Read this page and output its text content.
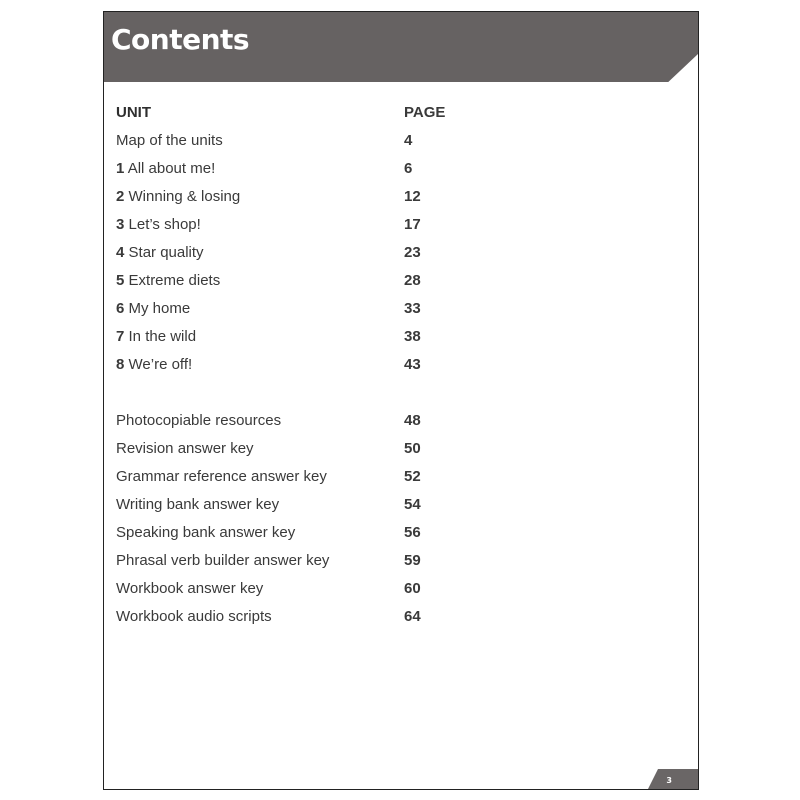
Contents
UNIT	PAGE
Map of the units	4
1 All about me!	6
2 Winning & losing	12
3 Let’s shop!	17
4 Star quality	23
5 Extreme diets	28
6 My home	33
7 In the wild	38
8 We’re off!	43
Photocopiable resources	48
Revision answer key	50
Grammar reference answer key	52
Writing bank answer key	54
Speaking bank answer key	56
Phrasal verb builder answer key	59
Workbook answer key	60
Workbook audio scripts	64
3
